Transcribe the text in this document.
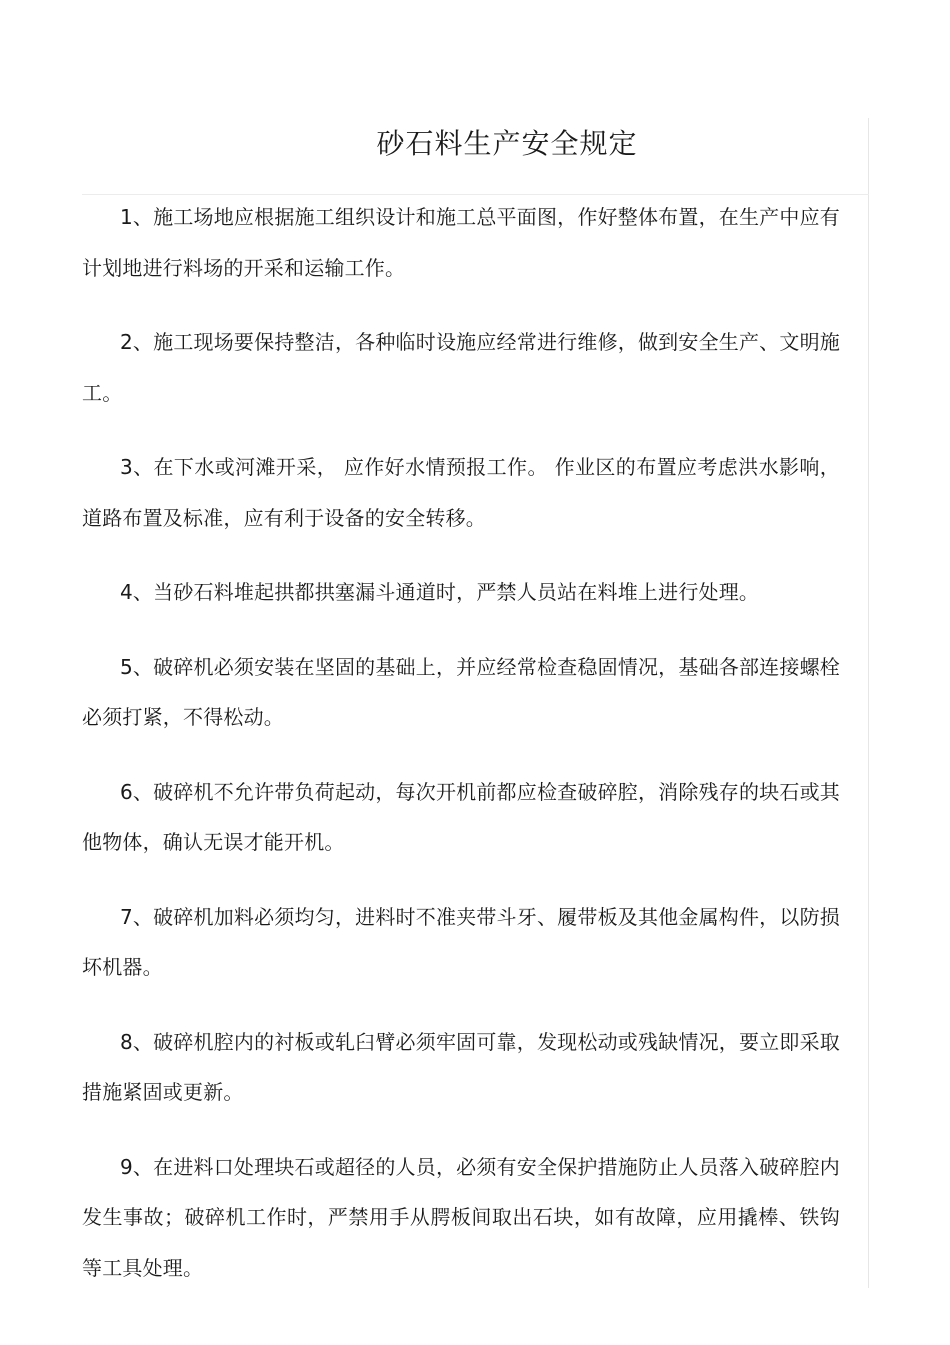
砂石料生产安全规定

1、施工场地应根据施工组织设计和施工总平面图，作好整体布置，在生产中应有计划地进行料场的开采和运输工作。

2、施工现场要保持整洁，各种临时设施应经常进行维修，做到安全生产、文明施工。

3、在下水或河滩开采， 应作好水情预报工作。 作业区的布置应考虑洪水影响，道路布置及标准，应有利于设备的安全转移。

4、当砂石料堆起拱都拱塞漏斗通道时，严禁人员站在料堆上进行处理。

5、破碎机必须安装在坚固的基础上，并应经常检查稳固情况，基础各部连接螺栓必须打紧，不得松动。

6、破碎机不允许带负荷起动，每次开机前都应检查破碎腔，消除残存的块石或其他物体，确认无误才能开机。

7、破碎机加料必须均匀，进料时不准夹带斗牙、履带板及其他金属构件，以防损坏机器。

8、破碎机腔内的衬板或轧臼臂必须牢固可靠，发现松动或残缺情况，要立即采取措施紧固或更新。

9、在进料口处理块石或超径的人员，必须有安全保护措施防止人员落入破碎腔内发生事故；破碎机工作时，严禁用手从腭板间取出石块，如有故障，应用撬棒、铁钩等工具处理。
